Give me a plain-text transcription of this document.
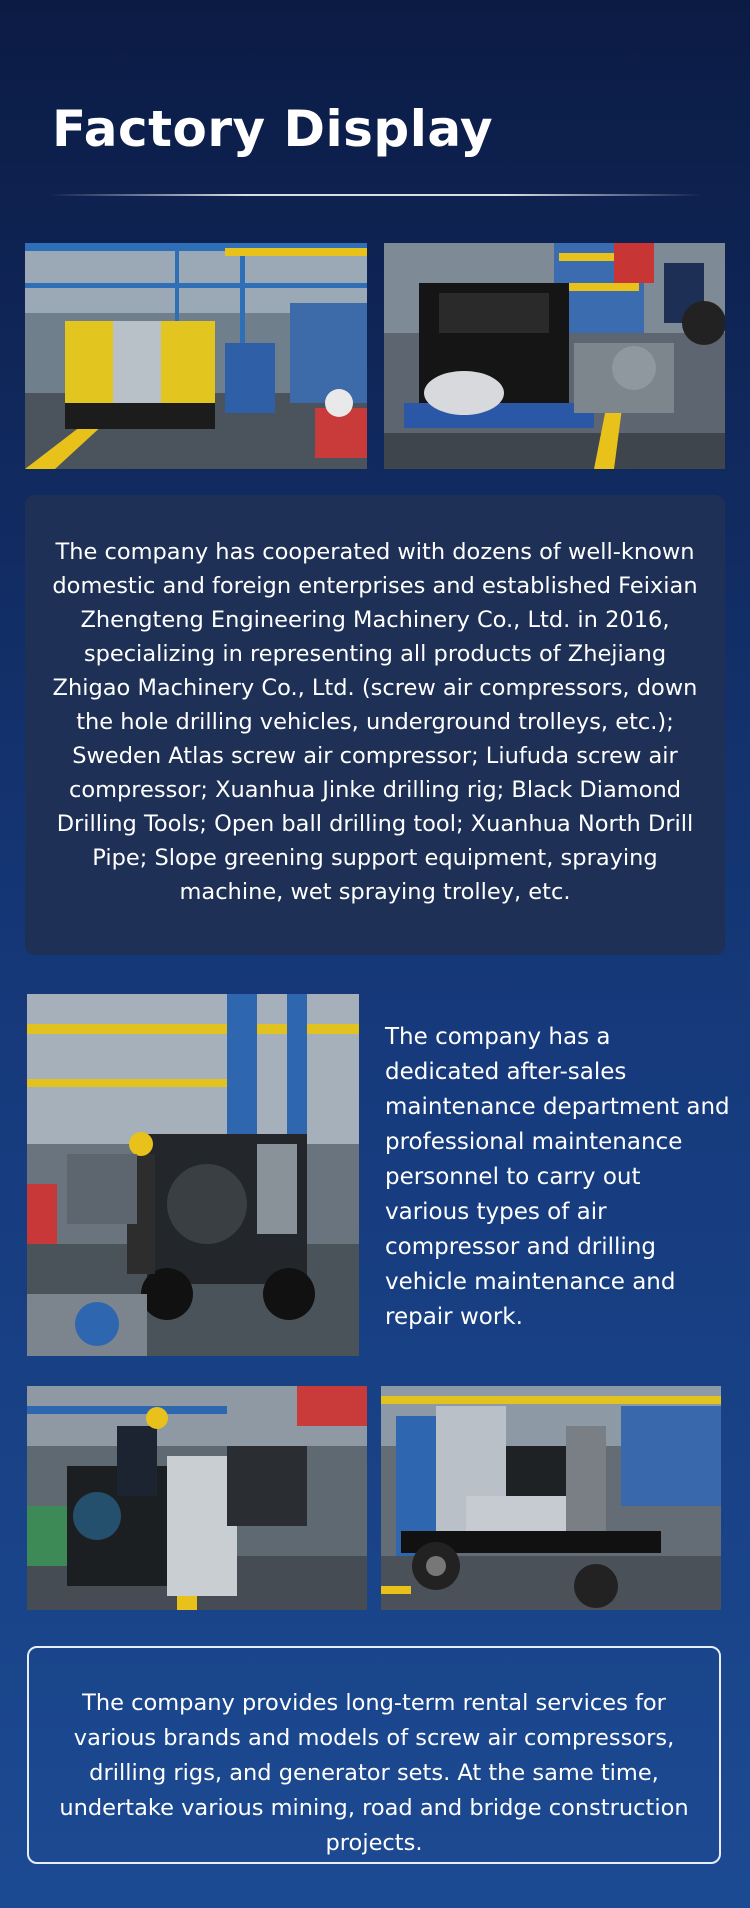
Factory Display

The company has cooperated with dozens of well-known domestic and foreign enterprises and established Feixian Zhengteng Engineering Machinery Co., Ltd. in 2016, specializing in representing all products of Zhejiang Zhigao Machinery Co., Ltd. (screw air compressors, down the hole drilling vehicles, underground trolleys, etc.); Sweden Atlas screw air compressor; Liufuda screw air compressor; Xuanhua Jinke drilling rig; Black Diamond Drilling Tools; Open ball drilling tool; Xuanhua North Drill Pipe; Slope greening support equipment, spraying machine, wet spraying trolley, etc.

The company has a dedicated after-sales maintenance department and professional maintenance personnel to carry out various types of air compressor and drilling vehicle maintenance and repair work.

The company provides long-term rental services for various brands and models of screw air compressors, drilling rigs, and generator sets. At the same time, undertake various mining, road and bridge construction projects.
